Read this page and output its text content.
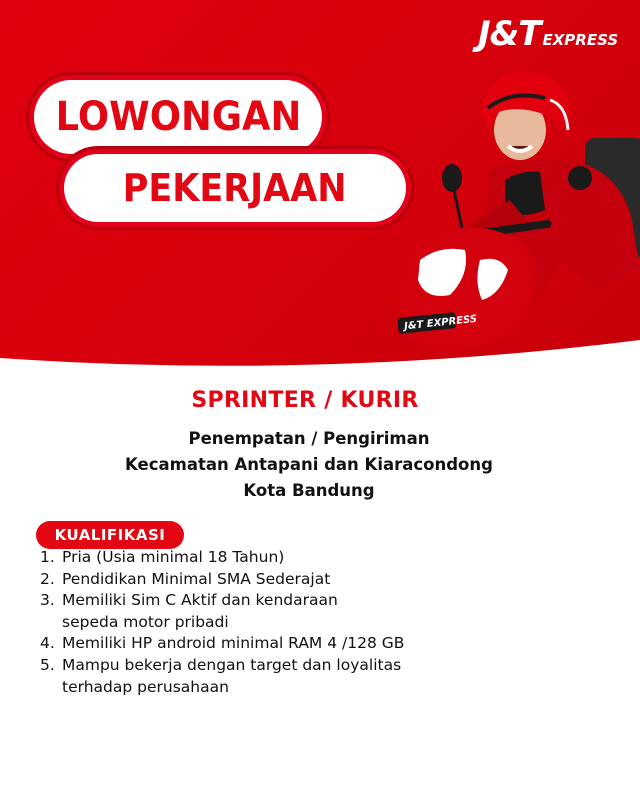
J&T EXPRESS
LOWONGAN
PEKERJAAN
J&T EXPRESS
SPRINTER / KURIR
Penempatan / Pengiriman
Kecamatan Antapani dan Kiaracondong
Kota Bandung
KUALIFIKASI
1. Pria (Usia minimal 18 Tahun)
2. Pendidikan Minimal SMA Sederajat
3. Memiliki Sim C Aktif dan kendaraan
sepeda motor pribadi
4. Memiliki HP android minimal RAM 4 /128 GB
5. Mampu bekerja dengan target dan loyalitas
terhadap perusahaan
